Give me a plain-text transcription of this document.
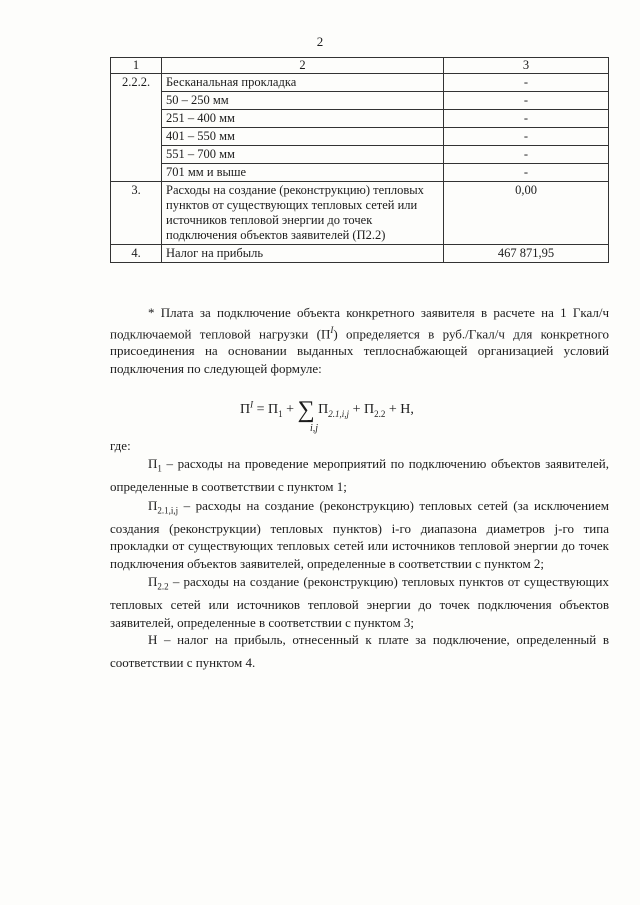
2
1	2	3
2.2.2.	Бесканальная прокладка	-
	50 – 250 мм	-
	251 – 400 мм	-
	401 – 550 мм	-
	551 – 700 мм	-
	701 мм и выше	-
3.	Расходы на создание (реконструкцию) тепловых пунктов от существующих тепловых сетей или источников тепловой энергии до точек подключения объектов заявителей (П2.2)	0,00
4.	Налог на прибыль	467 871,95

* Плата за подключение объекта конкретного заявителя в расчете на 1 Гкал/ч подключаемой тепловой нагрузки $(П^I)$ определяется в руб./Гкал/ч для конкретного присоединения на основании выданных теплоснабжающей организацией условий подключения по следующей формуле:

$П^I = П_1$ + ∑
i,j
$П_{2.1,i,j} + П_{2.2} + Н$,
где:

$П_1$ – расходы на проведение мероприятий по подключению объектов заявителей, определенные в соответствии с пунктом 1;

$П_{2.1,i,j}$ – расходы на создание (реконструкцию) тепловых сетей (за исключением создания (реконструкции) тепловых пунктов) i-го диапазона диаметров j-го типа прокладки от существующих тепловых сетей или источников тепловой энергии до точек подключения объектов заявителей, определенные в соответствии с пунктом 2;

$П_{2.2}$ – расходы на создание (реконструкцию) тепловых пунктов от существующих тепловых сетей или источников тепловой энергии до точек подключения объектов заявителей, определенные в соответствии с пунктом 3;

Н – налог на прибыль, отнесенный к плате за подключение, определенный в соответствии с пунктом 4.
